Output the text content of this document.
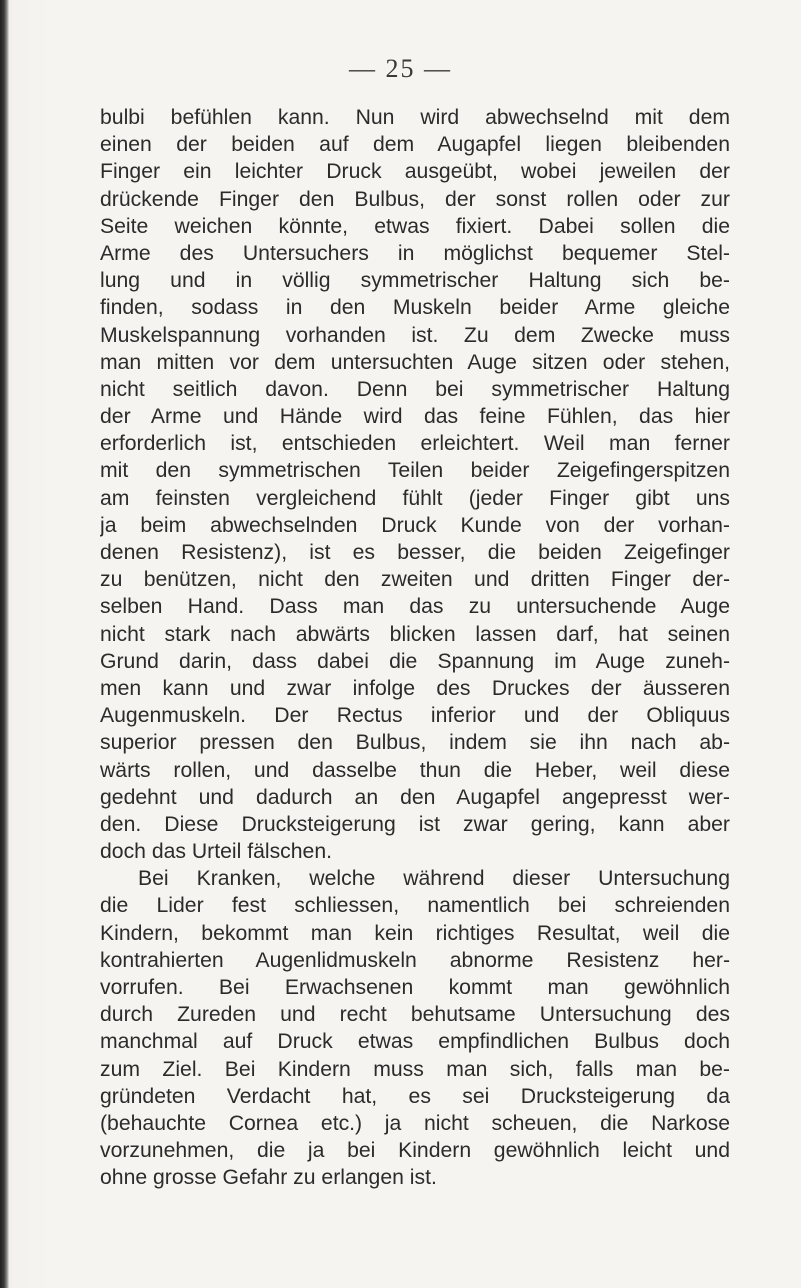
— 25 —

bulbi befühlen kann. Nun wird abwechselnd mit dem
einen der beiden auf dem Augapfel liegen bleibenden
Finger ein leichter Druck ausgeübt, wobei jeweilen der
drückende Finger den Bulbus, der sonst rollen oder zur
Seite weichen könnte, etwas fixiert. Dabei sollen die
Arme des Untersuchers in möglichst bequemer Stel-
lung und in völlig symmetrischer Haltung sich be-
finden, sodass in den Muskeln beider Arme gleiche
Muskelspannung vorhanden ist. Zu dem Zwecke muss
man mitten vor dem untersuchten Auge sitzen oder stehen,
nicht seitlich davon. Denn bei symmetrischer Haltung
der Arme und Hände wird das feine Fühlen, das hier
erforderlich ist, entschieden erleichtert. Weil man ferner
mit den symmetrischen Teilen beider Zeigefingerspitzen
am feinsten vergleichend fühlt (jeder Finger gibt uns
ja beim abwechselnden Druck Kunde von der vorhan-
denen Resistenz), ist es besser, die beiden Zeigefinger
zu benützen, nicht den zweiten und dritten Finger der-
selben Hand. Dass man das zu untersuchende Auge
nicht stark nach abwärts blicken lassen darf, hat seinen
Grund darin, dass dabei die Spannung im Auge zuneh-
men kann und zwar infolge des Druckes der äusseren
Augenmuskeln. Der Rectus inferior und der Obliquus
superior pressen den Bulbus, indem sie ihn nach ab-
wärts rollen, und dasselbe thun die Heber, weil diese
gedehnt und dadurch an den Augapfel angepresst wer-
den. Diese Drucksteigerung ist zwar gering, kann aber
doch das Urteil fälschen.
Bei Kranken, welche während dieser Untersuchung
die Lider fest schliessen, namentlich bei schreienden
Kindern, bekommt man kein richtiges Resultat, weil die
kontrahierten Augenlidmuskeln abnorme Resistenz her-
vorrufen. Bei Erwachsenen kommt man gewöhnlich
durch Zureden und recht behutsame Untersuchung des
manchmal auf Druck etwas empfindlichen Bulbus doch
zum Ziel. Bei Kindern muss man sich, falls man be-
gründeten Verdacht hat, es sei Drucksteigerung da
(behauchte Cornea etc.) ja nicht scheuen, die Narkose
vorzunehmen, die ja bei Kindern gewöhnlich leicht und
ohne grosse Gefahr zu erlangen ist.
